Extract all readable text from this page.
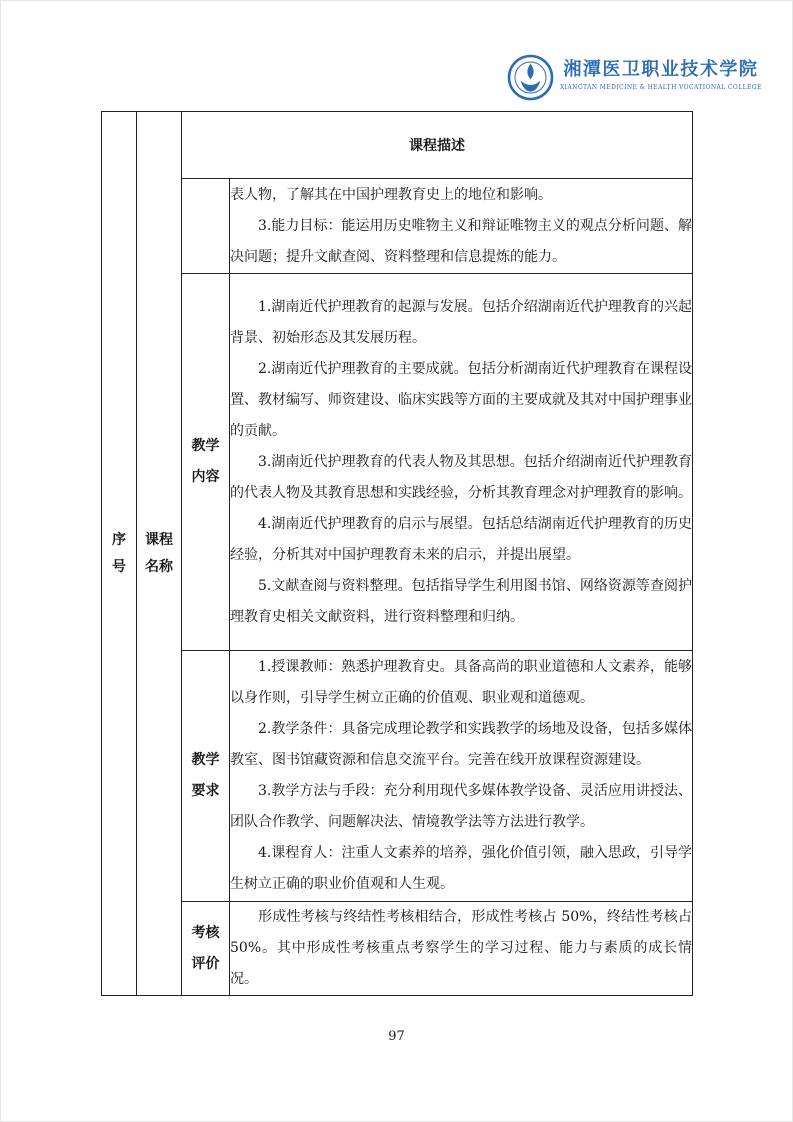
湘潭医卫职业技术学院
XIANGTAN MEDICINE & HEALTH VOCATIONAL COLLEGE
序号	课程名称	课程描述	

			表人物，了解其在中国护理教育史上的地位和影响。

3.能力目标：能运用历史唯物主义和辩证唯物主义的观点分析问题、解决问题；提升文献查阅、资料整理和信息提炼的能力。

		教学内容	1.湖南近代护理教育的起源与发展。包括介绍湖南近代护理教育的兴起背景、初始形态及其发展历程。

2.湖南近代护理教育的主要成就。包括分析湖南近代护理教育在课程设置、教材编写、师资建设、临床实践等方面的主要成就及其对中国护理事业的贡献。

3.湖南近代护理教育的代表人物及其思想。包括介绍湖南近代护理教育的代表人物及其教育思想和实践经验，分析其教育理念对护理教育的影响。

4.湖南近代护理教育的启示与展望。包括总结湖南近代护理教育的历史经验，分析其对中国护理教育未来的启示，并提出展望。

5.文献查阅与资料整理。包括指导学生利用图书馆、网络资源等查阅护理教育史相关文献资料，进行资料整理和归纳。

		教学要求	1.授课教师：熟悉护理教育史。具备高尚的职业道德和人文素养，能够以身作则，引导学生树立正确的价值观、职业观和道德观。

2.教学条件：具备完成理论教学和实践教学的场地及设备，包括多媒体教室、图书馆藏资源和信息交流平台。完善在线开放课程资源建设。

3.教学方法与手段：充分利用现代多媒体教学设备、灵活应用讲授法、团队合作教学、问题解决法、情境教学法等方法进行教学。

4.课程育人：注重人文素养的培养，强化价值引领，融入思政，引导学生树立正确的职业价值观和人生观。

		考核评价	形成性考核与终结性考核相结合，形成性考核占 50%，终结性考核占 50%。其中形成性考核重点考察学生的学习过程、能力与素质的成长情况。

97
